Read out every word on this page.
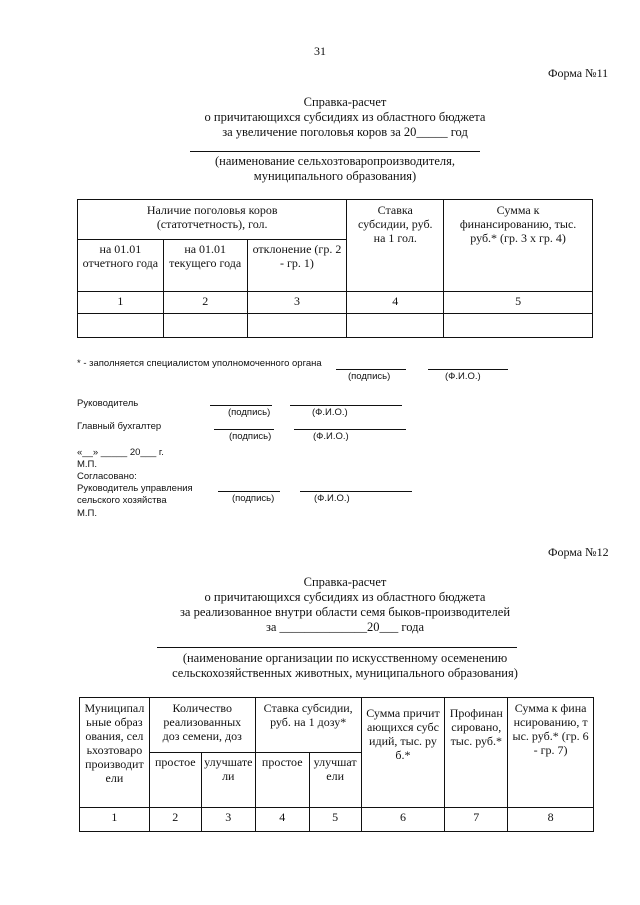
31
Форма №11
Справка-расчет
о причитающихся субсидиях из областного бюджета
за увеличение поголовья коров за 20_____ год
(наименование сельхозтоваропроизводителя,
муниципального образования)
Наличие поголовья коров (статотчетность), гол.			Ставка субсидии, руб. на 1 гол.	Сумма к финансированию, тыс. руб.* (гр. 3 х гр. 4)
на 01.01 отчетного года	на 01.01 текущего года	отклонение (гр. 2 - гр. 1)		
1	2	3	4	5

* - заполняется специалистом уполномоченного органа
(подпись)	(Ф.И.О.)
Руководитель
(подпись)	(Ф.И.О.)
Главный бухгалтер
(подпись)	(Ф.И.О.)
«__» _____ 20___ г.
М.П.
Согласовано:
Руководитель управления
сельского хозяйства	(подпись)	(Ф.И.О.)
М.П.
Форма №12
Справка-расчет
о причитающихся субсидиях из областного бюджета
за реализованное внутри области семя быков-производителей
за ______________20___ года
(наименование организации по искусственному осеменению
сельскохозяйственных животных, муниципального образования)
Муниципальные образования, сельхозтоваропроизводители	Количество реализованных доз семени, доз		Ставка субсидии, руб. на 1 дозу*		Сумма причитающихся субсидий, тыс. руб.*	Профинансировано, тыс. руб.*	Сумма к финансированию, тыс. руб.* (гр. 6 - гр. 7)
	простое	улучшатели	простое	улучшатели			
1	2	3	4	5	6	7	8
